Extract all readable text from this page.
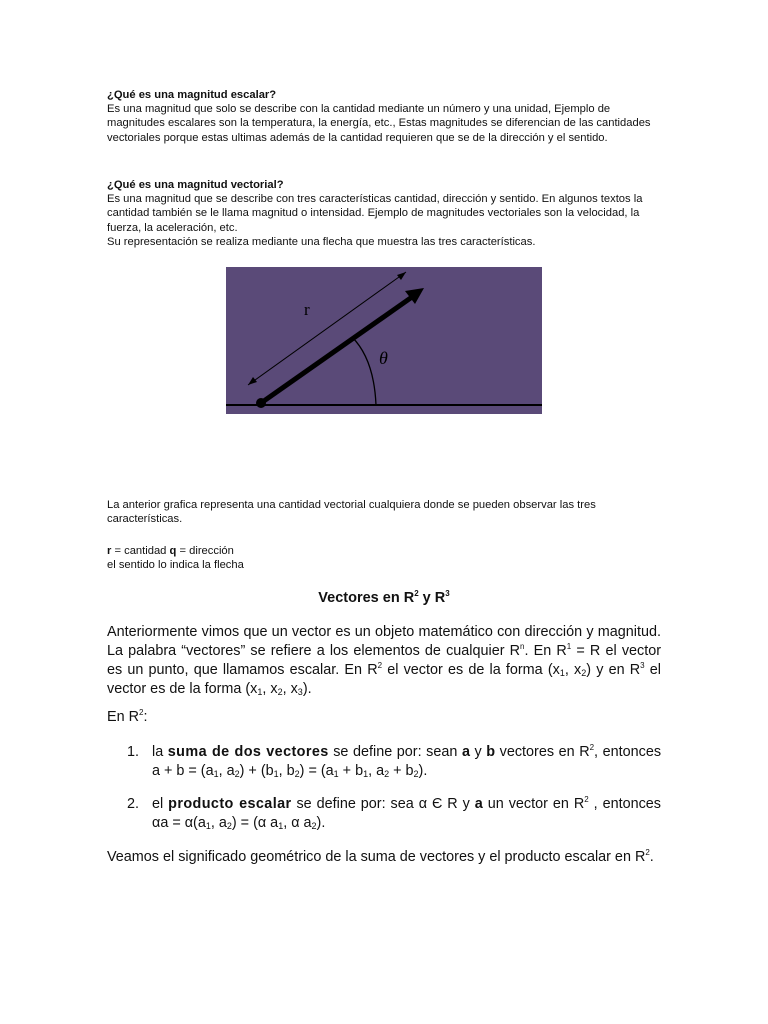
¿Qué es una magnitud escalar?

Es una magnitud que solo se describe con la cantidad mediante un número y una unidad, Ejemplo de magnitudes escalares son la temperatura, la energía, etc., Estas magnitudes se diferencian de las cantidades vectoriales porque estas ultimas además de la cantidad requieren que se de la dirección y el sentido.

¿Qué es una magnitud vectorial?

Es una magnitud que se describe con tres características cantidad, dirección y sentido. En algunos textos la cantidad también se le llama magnitud o intensidad. Ejemplo de magnitudes vectoriales son la velocidad, la fuerza, la aceleración, etc.

Su representación se realiza mediante una flecha que muestra las tres características.

r
θ

La anterior grafica representa una cantidad vectorial cualquiera donde se pueden observar las tres características.

r = cantidad q = dirección

el sentido lo indica la flecha

Vectores en $R^2$ y $R^3$

Anteriormente vimos que un vector es un objeto matemático con dirección y magnitud. La palabra “vectores” se refiere a los elementos de cualquier $R^n$. En $R^1 = R$ el vector es un punto, que llamamos escalar. En $R^2$ el vector es de la forma ($x_1$, $x_2$) y en $R^3$ el vector es de la forma ($x_1$, $x_2$, $x_3$).

En $R^2$:

1. la suma de dos vectores se define por: sean a y b vectores en $R^2$, entonces $a + b = (a_1$, $a_2) + (b_1$, $b_2) = (a_1 + b_1$, $a_2 + b_2$).
2. el producto escalar se define por: sea α Є R y a un vector en $R^2$ , entonces $\alpha a = \alpha(a_1$, $a_2) = (\alpha$ $a_1$, α $a_2$).

Veamos el significado geométrico de la suma de vectores y el producto escalar en $R^2$.
